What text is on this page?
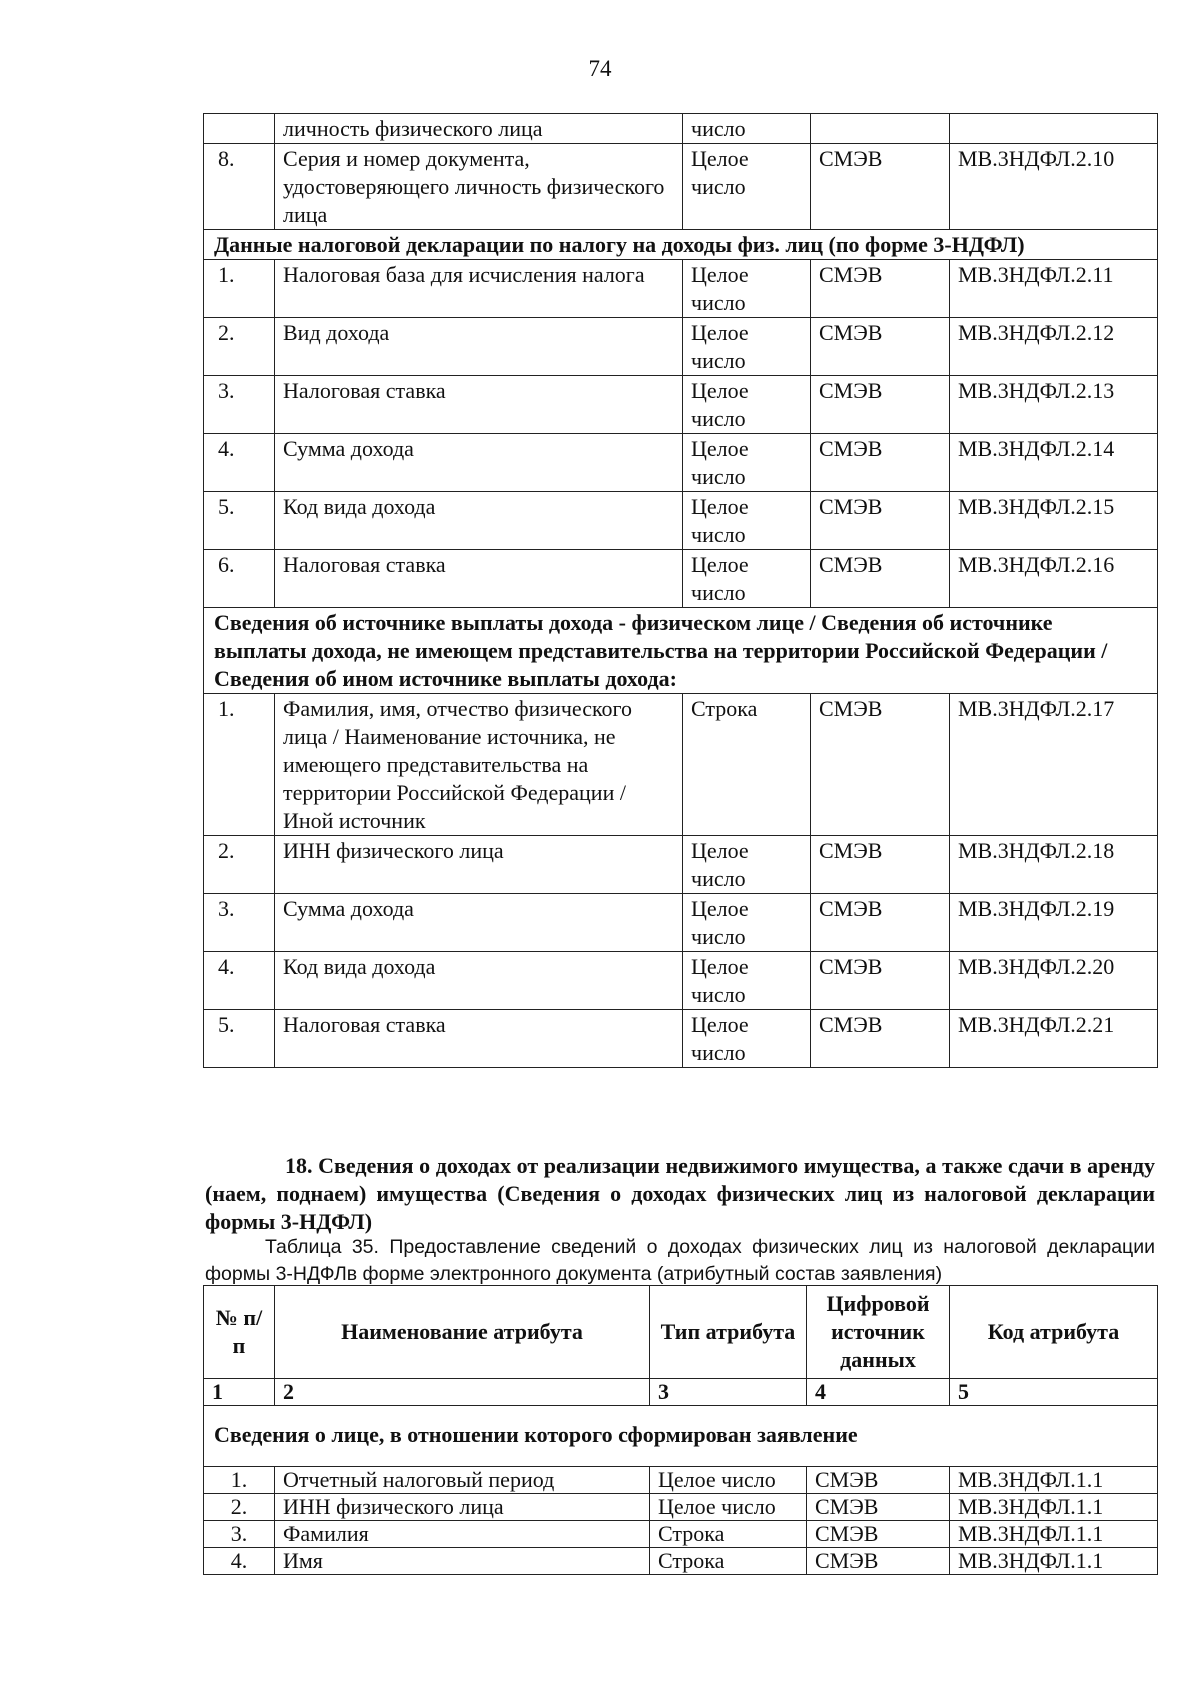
74
	личность физического лица	число		
8.	Серия и номер документа, удостоверяющего личность физического лица	Целое число	СМЭВ	МВ.3НДФЛ.2.10
Данные налоговой декларации по налогу на доходы физ. лиц (по форме 3-НДФЛ)				
1.	Налоговая база для исчисления налога	Целое число	СМЭВ	МВ.3НДФЛ.2.11
2.	Вид дохода	Целое число	СМЭВ	МВ.3НДФЛ.2.12
3.	Налоговая ставка	Целое число	СМЭВ	МВ.3НДФЛ.2.13
4.	Сумма дохода	Целое число	СМЭВ	МВ.3НДФЛ.2.14
5.	Код вида дохода	Целое число	СМЭВ	МВ.3НДФЛ.2.15
6.	Налоговая ставка	Целое число	СМЭВ	МВ.3НДФЛ.2.16
Сведения об источнике выплаты дохода - физическом лице / Сведения об источнике выплаты дохода, не имеющем представительства на территории Российской Федерации / Сведения об ином источнике выплаты дохода:				
1.	Фамилия, имя, отчество физического лица / Наименование источника, не имеющего представительства на территории Российской Федерации / Иной источник	Строка	СМЭВ	МВ.3НДФЛ.2.17
2.	ИНН физического лица	Целое число	СМЭВ	МВ.3НДФЛ.2.18
3.	Сумма дохода	Целое число	СМЭВ	МВ.3НДФЛ.2.19
4.	Код вида дохода	Целое число	СМЭВ	МВ.3НДФЛ.2.20
5.	Налоговая ставка	Целое число	СМЭВ	МВ.3НДФЛ.2.21
18. Сведения о доходах от реализации недвижимого имущества, а также сдачи в аренду (наем, поднаем) имущества (Сведения о доходах физических лиц из налоговой декларации формы 3-НДФЛ)
Таблица 35. Предоставление сведений о доходах физических лиц из налоговой декларации формы 3-НДФЛв форме электронного документа (атрибутный состав заявления)
№ п/п	Наименование атрибута	Тип атрибута	Цифровой источник данных	Код атрибута
1	2	3	4	5
Сведения о лице, в отношении которого сформирован заявление				
1.	Отчетный налоговый период	Целое число	СМЭВ	МВ.3НДФЛ.1.1
2.	ИНН физического лица	Целое число	СМЭВ	МВ.3НДФЛ.1.1
3.	Фамилия	Строка	СМЭВ	МВ.3НДФЛ.1.1
4.	Имя	Строка	СМЭВ	МВ.3НДФЛ.1.1
